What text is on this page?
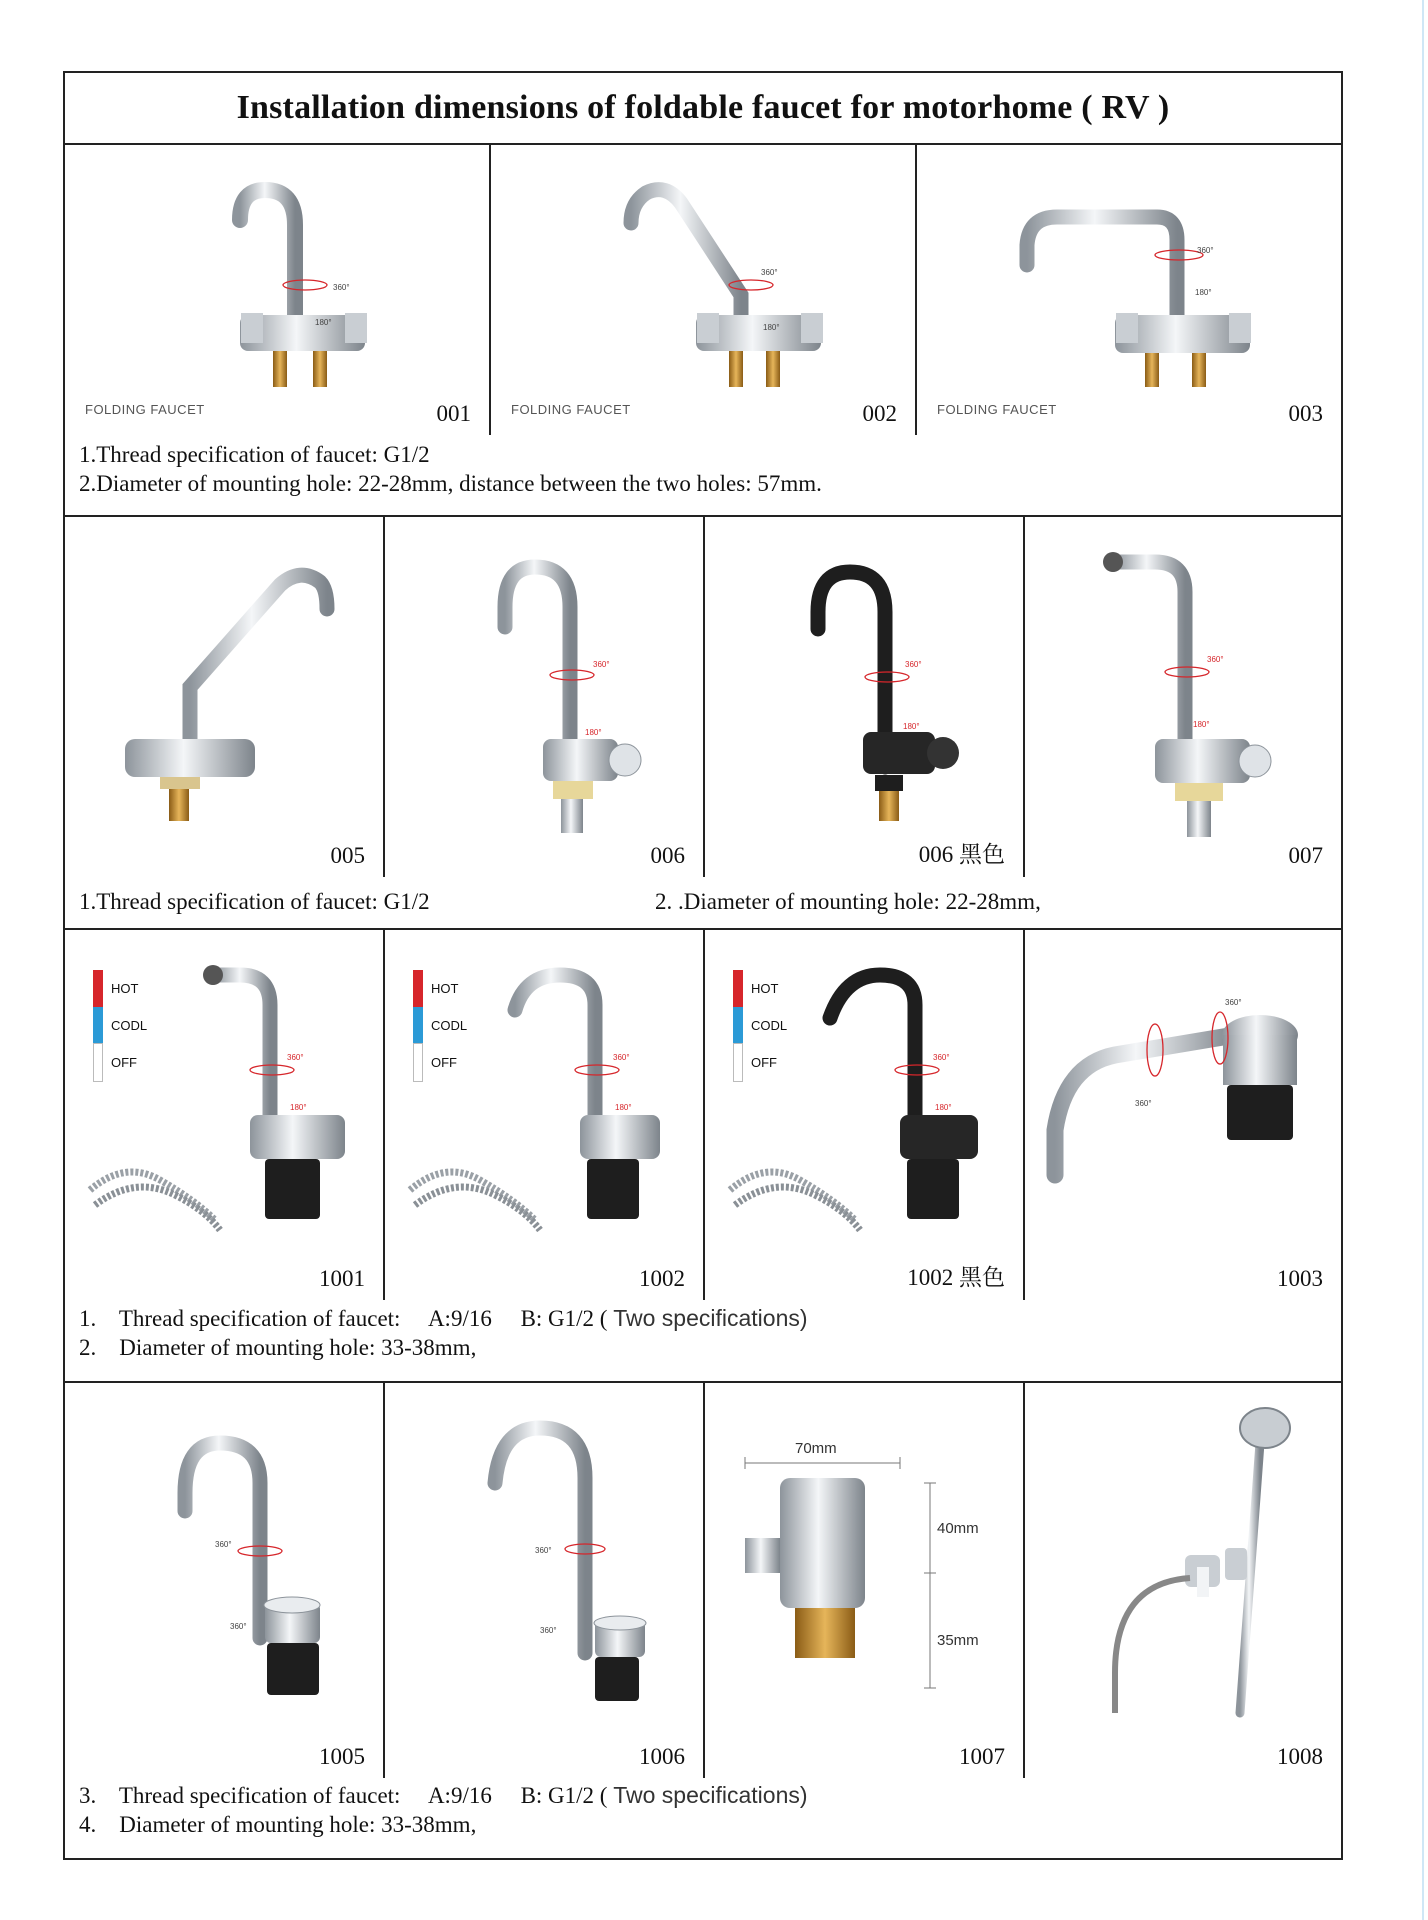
Installation dimensions of foldable faucet for motorhome ( RV )
360°
180°
FOLDING FAUCET	001
360°
180°
FOLDING FAUCET	002
360°
180°
FOLDING FAUCET	003
1.Thread specification of faucet: G1/2
2.Diameter of mounting hole: 22-28mm, distance between the two holes: 57mm.
005
360°
180°
006
360°
180°
006 黑色
360°
180°
007
1.Thread specification of faucet: G1/2	2. .Diameter of mounting hole: 22-28mm,
HOT
CODL
OFF	360°
180°
1001
HOT
CODL
OFF	360°
180°
1002
HOT
CODL
OFF	360°
180°
1002 黑色
360°
360°
1003
1. Thread specification of faucet: A:9/16 B: G1/2 ( Two specifications)
2. Diameter of mounting hole: 33-38mm,
360°
360°
1005
360°
360°
1006
70mm
40mm
35mm
1007	1008
3. Thread specification of faucet: A:9/16 B: G1/2 ( Two specifications)
4. Diameter of mounting hole: 33-38mm,
